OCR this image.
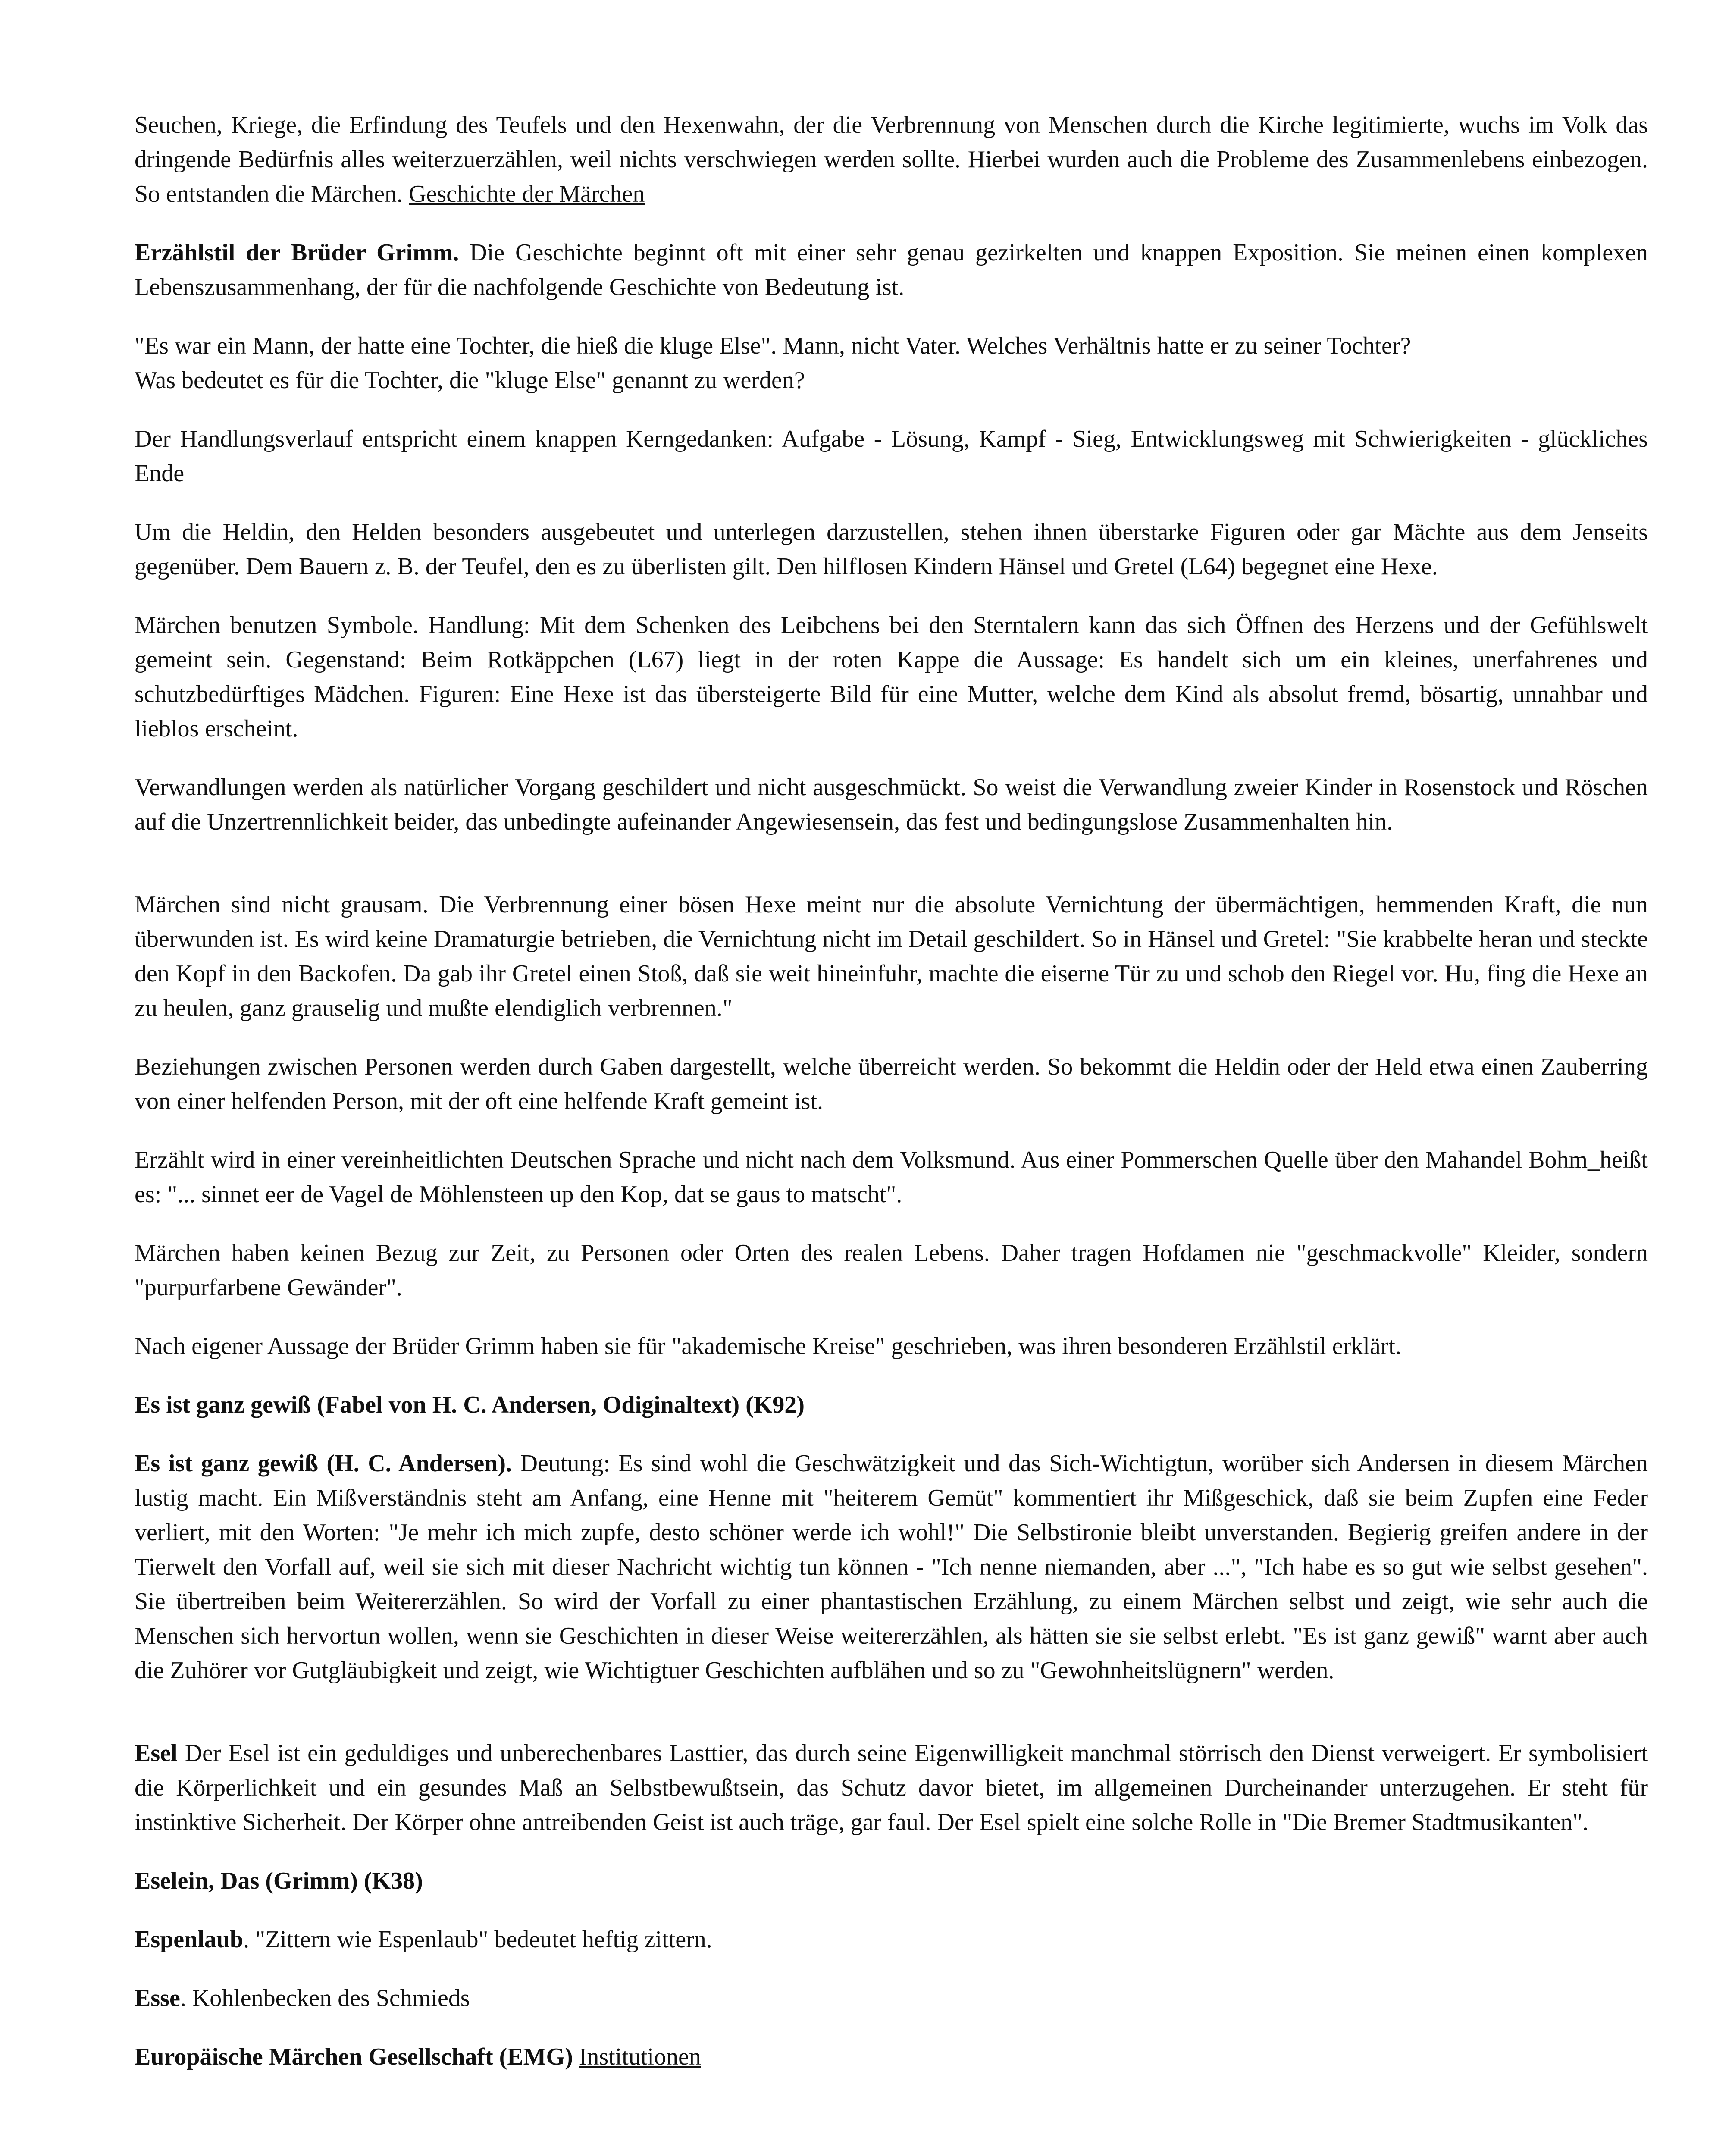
Seuchen, Kriege, die Erfindung des Teufels und den Hexenwahn, der die Verbrennung von Menschen durch die Kirche legitimierte, wuchs im Volk das dringende Bedürfnis alles weiterzuerzählen, weil nichts verschwiegen werden sollte. Hierbei wurden auch die Probleme des Zusammenlebens einbezogen. So entstanden die Märchen. Geschichte der Märchen

Erzählstil der Brüder Grimm. Die Geschichte beginnt oft mit einer sehr genau gezirkelten und knappen Exposition. Sie meinen einen komplexen Lebenszusammenhang, der für die nachfolgende Geschichte von Bedeutung ist.

"Es war ein Mann, der hatte eine Tochter, die hieß die kluge Else". Mann, nicht Vater. Welches Verhältnis hatte er zu seiner Tochter?

Was bedeutet es für die Tochter, die "kluge Else" genannt zu werden?

Der Handlungsverlauf entspricht einem knappen Kerngedanken: Aufgabe - Lösung, Kampf - Sieg, Entwicklungsweg mit Schwierigkeiten - glückliches Ende

Um die Heldin, den Helden besonders ausgebeutet und unterlegen darzustellen, stehen ihnen überstarke Figuren oder gar Mächte aus dem Jenseits gegenüber. Dem Bauern z. B. der Teufel, den es zu überlisten gilt. Den hilflosen Kindern Hänsel und Gretel (L64) begegnet eine Hexe.

Märchen benutzen Symbole. Handlung: Mit dem Schenken des Leibchens bei den Sterntalern kann das sich Öffnen des Herzens und der Gefühlswelt gemeint sein. Gegenstand: Beim Rotkäppchen (L67) liegt in der roten Kappe die Aussage: Es handelt sich um ein kleines, unerfahrenes und schutzbedürftiges Mädchen. Figuren: Eine Hexe ist das übersteigerte Bild für eine Mutter, welche dem Kind als absolut fremd, bösartig, unnahbar und lieblos erscheint.

Verwandlungen werden als natürlicher Vorgang geschildert und nicht ausgeschmückt. So weist die Verwandlung zweier Kinder in Rosenstock und Röschen auf die Unzertrennlichkeit beider, das unbedingte aufeinander Angewiesensein, das fest und bedingungslose Zusammenhalten hin.

Märchen sind nicht grausam. Die Verbrennung einer bösen Hexe meint nur die absolute Vernichtung der übermächtigen, hemmenden Kraft, die nun überwunden ist. Es wird keine Dramaturgie betrieben, die Vernichtung nicht im Detail geschildert. So in Hänsel und Gretel: "Sie krabbelte heran und steckte den Kopf in den Backofen. Da gab ihr Gretel einen Stoß, daß sie weit hineinfuhr, machte die eiserne Tür zu und schob den Riegel vor. Hu, fing die Hexe an zu heulen, ganz grauselig und mußte elendiglich verbrennen."

Beziehungen zwischen Personen werden durch Gaben dargestellt, welche überreicht werden. So bekommt die Heldin oder der Held etwa einen Zauberring von einer helfenden Person, mit der oft eine helfende Kraft gemeint ist.

Erzählt wird in einer vereinheitlichten Deutschen Sprache und nicht nach dem Volksmund. Aus einer Pommerschen Quelle über den Mahandel Bohm_heißt es: "... sinnet eer de Vagel de Möhlensteen up den Kop, dat se gaus to matscht".

Märchen haben keinen Bezug zur Zeit, zu Personen oder Orten des realen Lebens. Daher tragen Hofdamen nie "geschmackvolle" Kleider, sondern "purpurfarbene Gewänder".

Nach eigener Aussage der Brüder Grimm haben sie für "akademische Kreise" geschrieben, was ihren besonderen Erzählstil erklärt.

Es ist ganz gewiß (Fabel von H. C. Andersen, Odiginaltext) (K92)

Es ist ganz gewiß (H. C. Andersen). Deutung: Es sind wohl die Geschwätzigkeit und das Sich-Wichtigtun, worüber sich Andersen in diesem Märchen lustig macht. Ein Mißverständnis steht am Anfang, eine Henne mit "heiterem Gemüt" kommentiert ihr Mißgeschick, daß sie beim Zupfen eine Feder verliert, mit den Worten: "Je mehr ich mich zupfe, desto schöner werde ich wohl!" Die Selbstironie bleibt unverstanden. Begierig greifen andere in der Tierwelt den Vorfall auf, weil sie sich mit dieser Nachricht wichtig tun können - "Ich nenne niemanden, aber ...", "Ich habe es so gut wie selbst gesehen". Sie übertreiben beim Weitererzählen. So wird der Vorfall zu einer phantastischen Erzählung, zu einem Märchen selbst und zeigt, wie sehr auch die Menschen sich hervortun wollen, wenn sie Geschichten in dieser Weise weitererzählen, als hätten sie sie selbst erlebt. "Es ist ganz gewiß" warnt aber auch die Zuhörer vor Gutgläubigkeit und zeigt, wie Wichtigtuer Geschichten aufblähen und so zu "Gewohnheitslügnern" werden.

Esel Der Esel ist ein geduldiges und unberechenbares Lasttier, das durch seine Eigenwilligkeit manchmal störrisch den Dienst verweigert. Er symbolisiert die Körperlichkeit und ein gesundes Maß an Selbstbewußtsein, das Schutz davor bietet, im allgemeinen Durcheinander unterzugehen. Er steht für instinktive Sicherheit. Der Körper ohne antreibenden Geist ist auch träge, gar faul. Der Esel spielt eine solche Rolle in "Die Bremer Stadtmusikanten".

Eselein, Das (Grimm) (K38)

Espenlaub. "Zittern wie Espenlaub" bedeutet heftig zittern.

Esse. Kohlenbecken des Schmieds

Europäische Märchen Gesellschaft (EMG) Institutionen
